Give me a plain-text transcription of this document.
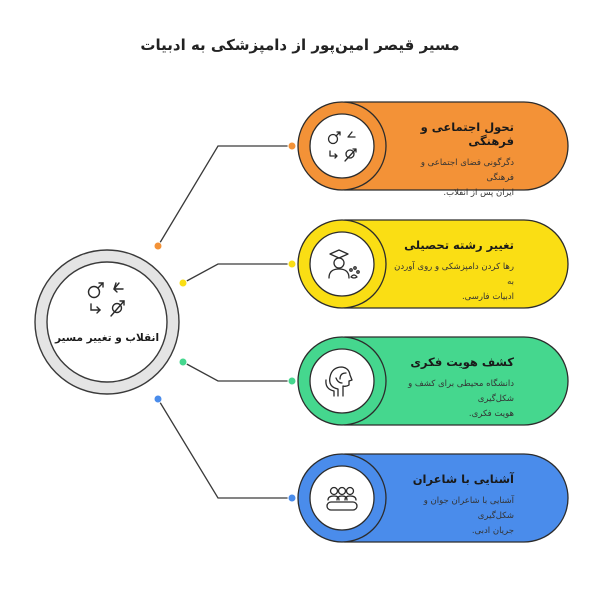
مسیر قیصر امین‌پور از دامپزشکی به ادبیات
انقلاب و تغییر مسیر
تحول اجتماعی و فرهنگی
دگرگونی فضای اجتماعی و فرهنگی
ایران پس از انقلاب.
تغییر رشته تحصیلی
رها کردن دامپزشکی و روی آوردن به
ادبیات فارسی.
کشف هویت فکری
دانشگاه محیطی برای کشف و شکل‌گیری
هویت فکری.
آشنایی با شاعران
آشنایی با شاعران جوان و شکل‌گیری
جریان ادبی.
